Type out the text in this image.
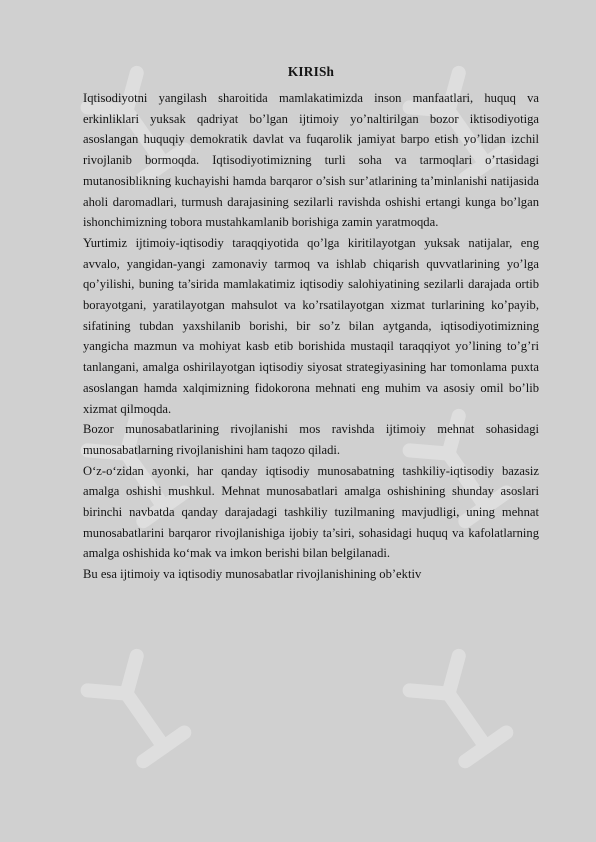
KIRISh

Iqtisodiyotni yangilash sharoitida mamlakatimizda inson manfaatlari, huquq va erkinliklari yuksak qadriyat bo’lgan ijtimoiy yo’naltirilgan bozor iktisodiyotiga asoslangan huquqiy demokratik davlat va fuqarolik jamiyat barpo etish yo’lidan izchil rivojlanib bormoqda. Iqtisodiyotimizning turli soha va tarmoqlari o’rtasidagi mutanosiblikning kuchayishi hamda barqaror o’sish sur’atlarining ta’minlanishi natijasida aholi daromadlari, turmush darajasining sezilarli ravishda oshishi ertangi kunga bo’lgan ishonchimizning tobora mustahkamlanib borishiga zamin yaratmoqda.

Yurtimiz ijtimoiy-iqtisodiy taraqqiyotida qo’lga kiritilayotgan yuksak natijalar, eng avvalo, yangidan-yangi zamonaviy tarmoq va ishlab chiqarish quvvatlarining yo’lga qo’yilishi, buning ta’sirida mamlakatimiz iqtisodiy salohiyatining sezilarli darajada ortib borayotgani, yaratilayotgan mahsulot va ko’rsatilayotgan xizmat turlarining ko’payib, sifatining tubdan yaxshilanib borishi, bir so’z bilan aytganda, iqtisodiyotimizning yangicha mazmun va mohiyat kasb etib borishida mustaqil taraqqiyot yo’lining to’g’ri tanlangani, amalga oshirilayotgan iqtisodiy siyosat strategiyasining har tomonlama puxta asoslangan hamda xalqimizning fidokorona mehnati eng muhim va asosiy omil bo’lib xizmat qilmoqda.

Bozor munosabatlarining rivojlanishi mos ravishda ijtimoiy mehnat sohasidagi munosabatlarning rivojlanishini ham taqozo qiladi.

O‘z-o‘zidan ayonki, har qanday iqtisodiy munosabatning tashkiliy-iqtisodiy bazasiz amalga oshishi mushkul. Mehnat munosabatlari amalga oshishining shunday asoslari birinchi navbatda qanday darajadagi tashkiliy tuzilmaning mavjudligi, uning mehnat munosabatlarini barqaror rivojlanishiga ijobiy ta’siri, sohasidagi huquq va kafolatlarning amalga oshishida ko‘mak va imkon berishi bilan belgilanadi.

Bu esa ijtimoiy va iqtisodiy munosabatlar rivojlanishining ob’ektiv
